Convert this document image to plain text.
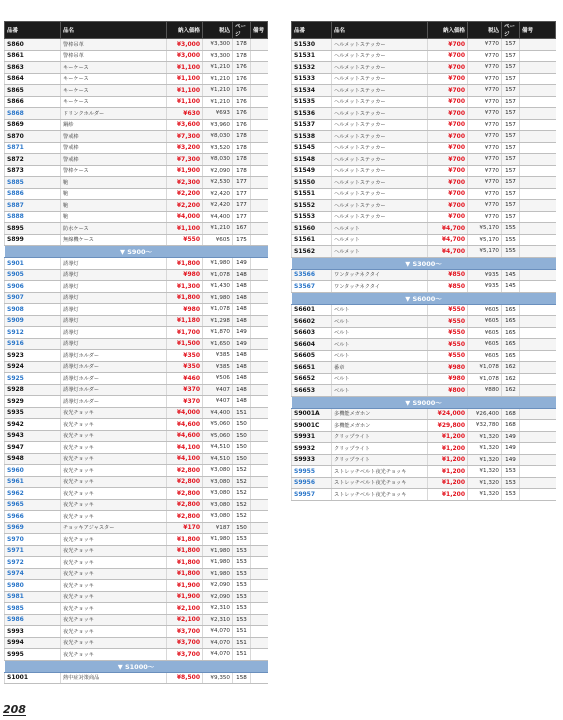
品番	品名	納入価格	税込	ページ	備考
S860	警棒吊革	¥3,000	¥3,300	178	
S861	警棒吊革	¥3,000	¥3,300	178	
S863	キーケース	¥1,100	¥1,210	176	
S864	キーケース	¥1,100	¥1,210	176	
S865	キーケース	¥1,100	¥1,210	176	
S866	キーケース	¥1,100	¥1,210	176	
S868	ドリンクホルダー	¥630	¥693	176	
S869	鋼紗	¥3,600	¥3,960	176	
S870	警戒棒	¥7,300	¥8,030	178	
S871	警戒棒	¥3,200	¥3,520	178	
S872	警戒棒	¥7,300	¥8,030	178	
S873	警棒ケース	¥1,900	¥2,090	178	
S885	鞄	¥2,300	¥2,530	177	
S886	鞄	¥2,200	¥2,420	177	
S887	鞄	¥2,200	¥2,420	177	
S888	鞄	¥4,000	¥4,400	177	
S895	防水ケース	¥1,100	¥1,210	167	
S899	無線機ケース	¥550	¥605	175	
▼ S900〜					
S901	誘導灯	¥1,800	¥1,980	149	
S905	誘導灯	¥980	¥1,078	148	
S906	誘導灯	¥1,300	¥1,430	148	
S907	誘導灯	¥1,800	¥1,980	148	
S908	誘導灯	¥980	¥1,078	148	
S909	誘導灯	¥1,180	¥1,298	148	
S912	誘導灯	¥1,700	¥1,870	149	
S916	誘導灯	¥1,500	¥1,650	149	
S923	誘導灯ホルダー	¥350	¥385	148	
S924	誘導灯ホルダー	¥350	¥385	148	
S925	誘導灯ホルダー	¥460	¥506	148	
S928	誘導灯ホルダー	¥370	¥407	148	
S929	誘導灯ホルダー	¥370	¥407	148	
S935	夜光チョッキ	¥4,000	¥4,400	151	
S942	夜光チョッキ	¥4,600	¥5,060	150	
S943	夜光チョッキ	¥4,600	¥5,060	150	
S947	夜光チョッキ	¥4,100	¥4,510	150	
S948	夜光チョッキ	¥4,100	¥4,510	150	
S960	夜光チョッキ	¥2,800	¥3,080	152	
S961	夜光チョッキ	¥2,800	¥3,080	152	
S962	夜光チョッキ	¥2,800	¥3,080	152	
S965	夜光チョッキ	¥2,800	¥3,080	152	
S966	夜光チョッキ	¥2,800	¥3,080	152	
S969	チョッキアジャスター	¥170	¥187	150	
S970	夜光チョッキ	¥1,800	¥1,980	153	
S971	夜光チョッキ	¥1,800	¥1,980	153	
S972	夜光チョッキ	¥1,800	¥1,980	153	
S974	夜光チョッキ	¥1,800	¥1,980	153	
S980	夜光チョッキ	¥1,900	¥2,090	153	
S981	夜光チョッキ	¥1,900	¥2,090	153	
S985	夜光チョッキ	¥2,100	¥2,310	153	
S986	夜光チョッキ	¥2,100	¥2,310	153	
S993	夜光チョッキ	¥3,700	¥4,070	151	
S994	夜光チョッキ	¥3,700	¥4,070	151	
S995	夜光チョッキ	¥3,700	¥4,070	151	
▼ S1000〜					
S1001	熱中症対策商品	¥8,500	¥9,350	158	
品番	品名	納入価格	税込	ページ	備考
S1530	ヘルメットステッカー	¥700	¥770	157	
S1531	ヘルメットステッカー	¥700	¥770	157	
S1532	ヘルメットステッカー	¥700	¥770	157	
S1533	ヘルメットステッカー	¥700	¥770	157	
S1534	ヘルメットステッカー	¥700	¥770	157	
S1535	ヘルメットステッカー	¥700	¥770	157	
S1536	ヘルメットステッカー	¥700	¥770	157	
S1537	ヘルメットステッカー	¥700	¥770	157	
S1538	ヘルメットステッカー	¥700	¥770	157	
S1545	ヘルメットステッカー	¥700	¥770	157	
S1548	ヘルメットステッカー	¥700	¥770	157	
S1549	ヘルメットステッカー	¥700	¥770	157	
S1550	ヘルメットステッカー	¥700	¥770	157	
S1551	ヘルメットステッカー	¥700	¥770	157	
S1552	ヘルメットステッカー	¥700	¥770	157	
S1553	ヘルメットステッカー	¥700	¥770	157	
S1560	ヘルメット	¥4,700	¥5,170	155	
S1561	ヘルメット	¥4,700	¥5,170	155	
S1562	ヘルメット	¥4,700	¥5,170	155	
▼ S3000〜					
S3566	ワンタッチネクタイ	¥850	¥935	145	
S3567	ワンタッチネクタイ	¥850	¥935	145	
▼ S6000〜					
S6601	ベルト	¥550	¥605	165	
S6602	ベルト	¥550	¥605	165	
S6603	ベルト	¥550	¥605	165	
S6604	ベルト	¥550	¥605	165	
S6605	ベルト	¥550	¥605	165	
S6651	番章	¥980	¥1,078	162	
S6652	ベルト	¥980	¥1,078	162	
S6653	ベルト	¥800	¥880	162	
▼ S9000〜					
S9001A	多機能メガホン	¥24,000	¥26,400	168	
S9001C	多機能メガホン	¥29,800	¥32,780	168	
S9931	クリップライト	¥1,200	¥1,320	149	
S9932	クリップライト	¥1,200	¥1,320	149	
S9933	クリップライト	¥1,200	¥1,320	149	
S9955	ストレッチベルト夜光チョッキ	¥1,200	¥1,320	153	
S9956	ストレッチベルト夜光チョッキ	¥1,200	¥1,320	153	
S9957	ストレッチベルト夜光チョッキ	¥1,200	¥1,320	153	
208
